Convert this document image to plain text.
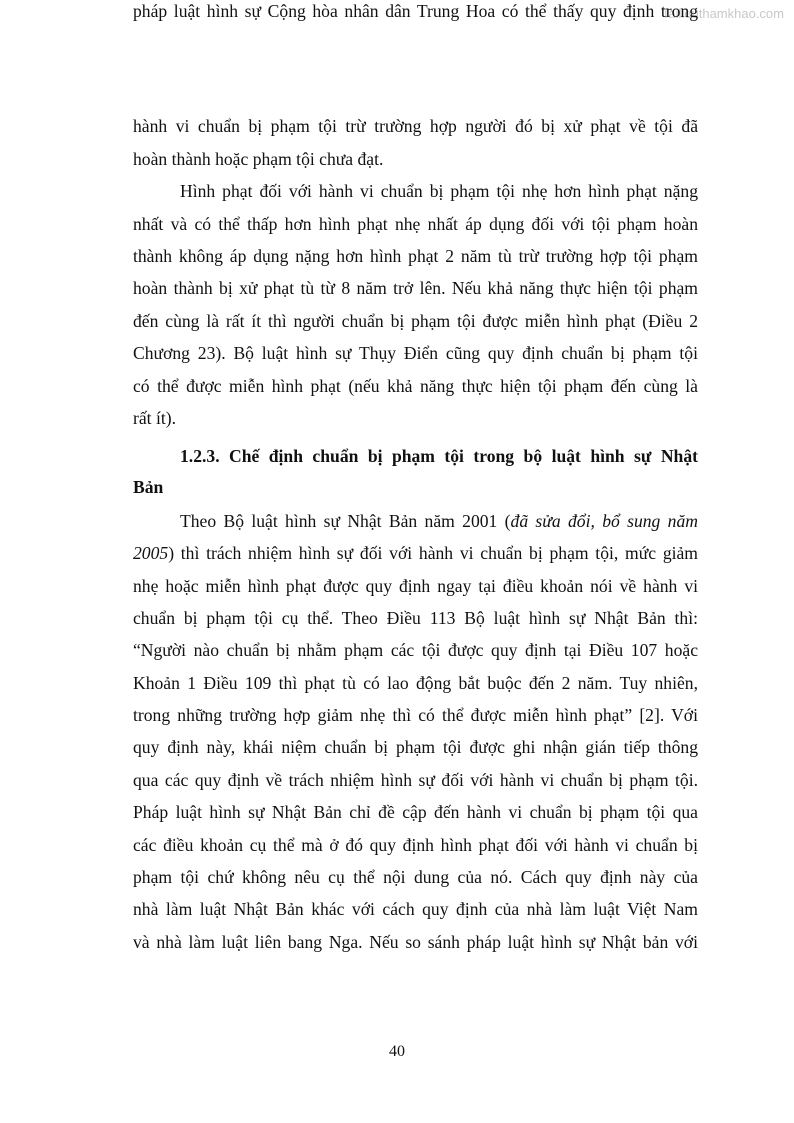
Tailieuthamkhao.com
hành vi chuẩn bị phạm tội trừ trường hợp người đó bị xử phạt về tội đã
hoàn thành hoặc phạm tội chưa đạt.
Hình phạt đối với hành vi chuẩn bị phạm tội nhẹ hơn hình phạt nặng
nhất và có thể thấp hơn hình phạt nhẹ nhất áp dụng đối với tội phạm hoàn
thành không áp dụng nặng hơn hình phạt 2 năm tù trừ trường hợp tội phạm
hoàn thành bị xử phạt tù từ 8 năm trở lên. Nếu khả năng thực hiện tội phạm
đến cùng là rất ít thì người chuẩn bị phạm tội được miễn hình phạt (Điều 2
Chương 23). Bộ luật hình sự Thụy Điển cũng quy định chuẩn bị phạm tội
có thể được miễn hình phạt (nếu khả năng thực hiện tội phạm đến cùng là
rất ít).
1.2.3. Chế định chuẩn bị phạm tội trong bộ luật hình sự Nhật
Bản
Theo Bộ luật hình sự Nhật Bản năm 2001 (đã sửa đổi, bổ sung năm
2005) thì trách nhiệm hình sự đối với hành vi chuẩn bị phạm tội, mức giảm
nhẹ hoặc miễn hình phạt được quy định ngay tại điều khoản nói về hành vi
chuẩn bị phạm tội cụ thể. Theo Điều 113 Bộ luật hình sự Nhật Bản thì:
“Người nào chuẩn bị nhằm phạm các tội được quy định tại Điều 107 hoặc
Khoản 1 Điều 109 thì phạt tù có lao động bắt buộc đến 2 năm. Tuy nhiên,
trong những trường hợp giảm nhẹ thì có thể được miễn hình phạt” [2]. Với
quy định này, khái niệm chuẩn bị phạm tội được ghi nhận gián tiếp thông
qua các quy định về trách nhiệm hình sự đối với hành vi chuẩn bị phạm tội.
Pháp luật hình sự Nhật Bản chỉ đề cập đến hành vi chuẩn bị phạm tội qua
các điều khoản cụ thể mà ở đó quy định hình phạt đối với hành vi chuẩn bị
phạm tội chứ không nêu cụ thể nội dung của nó. Cách quy định này của
nhà làm luật Nhật Bản khác với cách quy định của nhà làm luật Việt Nam
và nhà làm luật liên bang Nga. Nếu so sánh pháp luật hình sự Nhật bản với
pháp luật hình sự Cộng hòa nhân dân Trung Hoa có thể thấy quy định trong
40
